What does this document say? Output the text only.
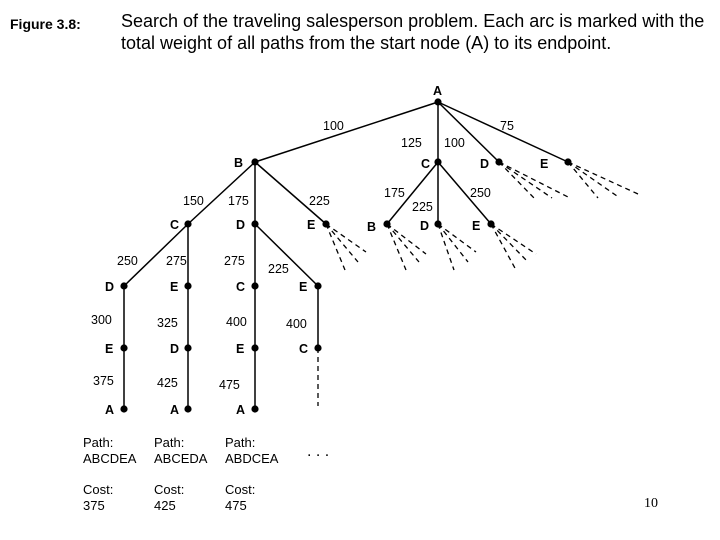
Figure 3.8: Search of the traveling salesperson problem. Each arc is marked with the total weight of all paths from the start node (A) to its endpoint.
A
B	C	D	E
C	D	E	B	D	E
D	E	C	E
E	D	E	C
A	A	A
100
125 100
75
150 175	225
175
225
250
250 275	275
225
300	325	400	400
375	425	475
. . .
Path:
ABCDEA
Cost:
375
Path:
ABCEDA
Cost:
425
Path:
ABDCEA
Cost:
475	10
